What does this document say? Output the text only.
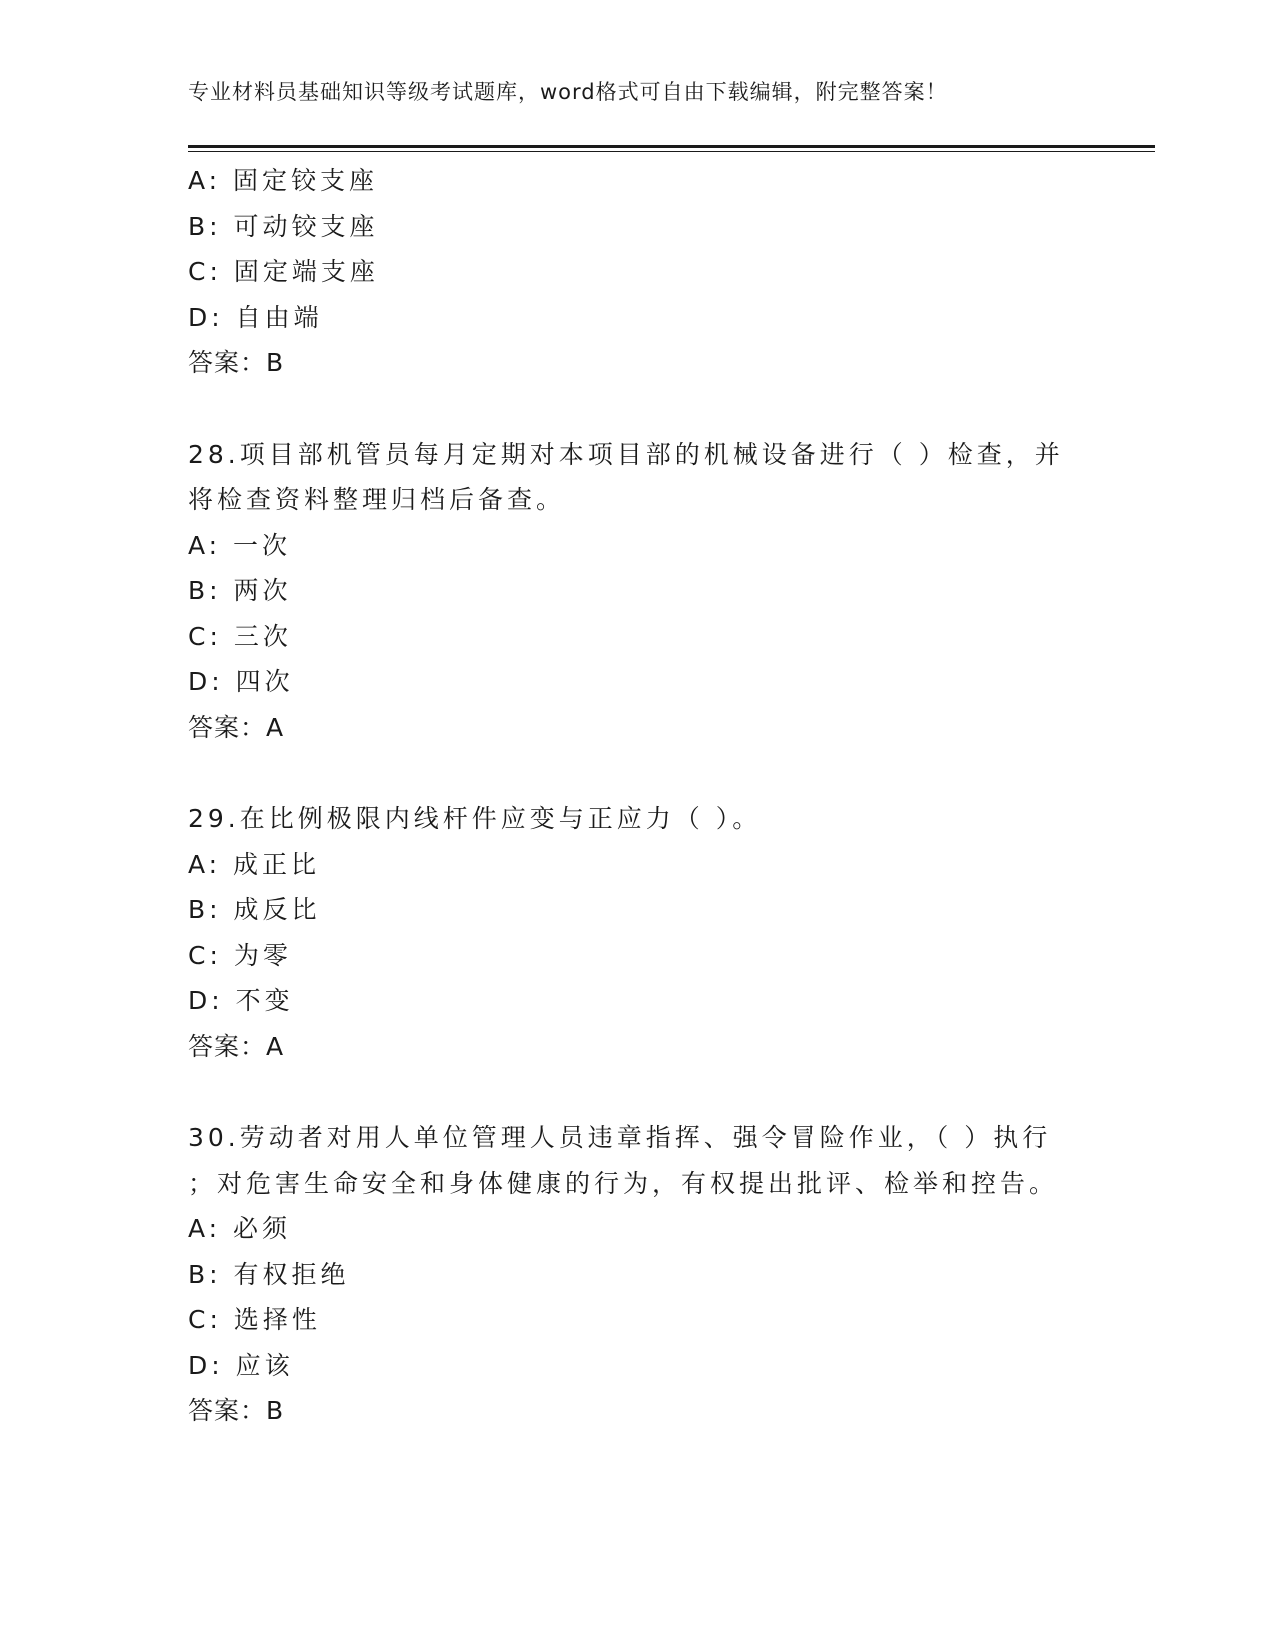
专业材料员基础知识等级考试题库，word格式可自由下载编辑，附完整答案！
A: 固定铰支座
B: 可动铰支座
C: 固定端支座
D: 自由端
答案：B
28.项目部机管员每月定期对本项目部的机械设备进行（ ）检查，并
将检查资料整理归档后备查。
A: 一次
B: 两次
C: 三次
D: 四次
答案：A
29.在比例极限内线杆件应变与正应力（ ）。
A: 成正比
B: 成反比
C: 为零
D: 不变
答案：A
30.劳动者对用人单位管理人员违章指挥、强令冒险作业，（ ）执行
；对危害生命安全和身体健康的行为，有权提出批评、检举和控告。
A: 必须
B: 有权拒绝
C: 选择性
D: 应该
答案：B
